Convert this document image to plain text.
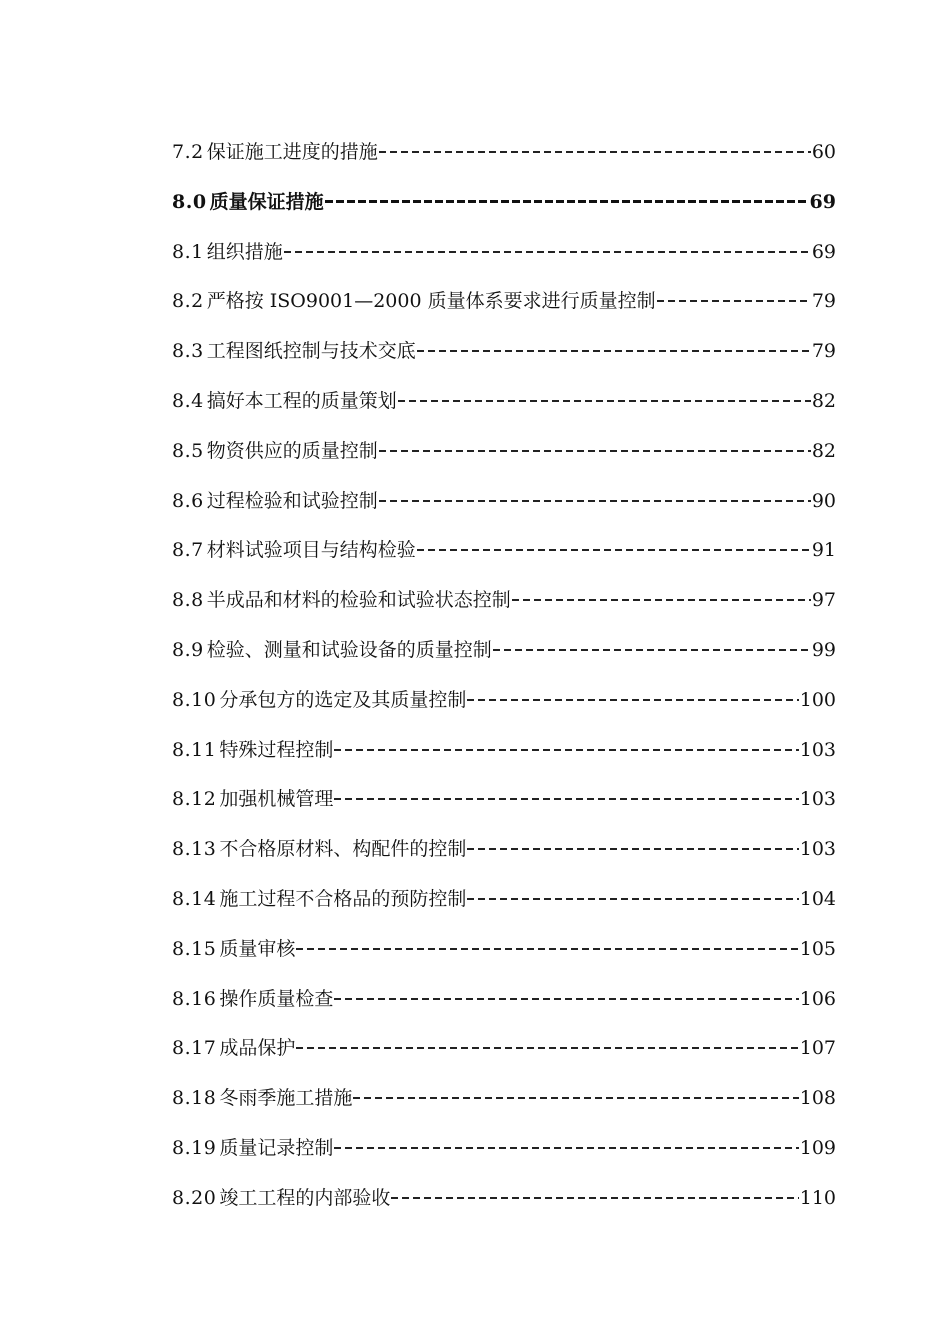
7.2 保证施工进度的措施	60
8.0 质量保证措施	69
8.1 组织措施	69
8.2 严格按 ISO9001—2000 质量体系要求进行质量控制	79
8.3 工程图纸控制与技术交底	79
8.4 搞好本工程的质量策划	82
8.5 物资供应的质量控制	82
8.6 过程检验和试验控制	90
8.7 材料试验项目与结构检验	91
8.8 半成品和材料的检验和试验状态控制	97
8.9 检验、测量和试验设备的质量控制	99
8.10 分承包方的选定及其质量控制	100
8.11 特殊过程控制	103
8.12 加强机械管理	103
8.13 不合格原材料、构配件的控制	103
8.14 施工过程不合格品的预防控制	104
8.15 质量审核	105
8.16 操作质量检查	106
8.17 成品保护	107
8.18 冬雨季施工措施	108
8.19 质量记录控制	109
8.20 竣工工程的内部验收	110
